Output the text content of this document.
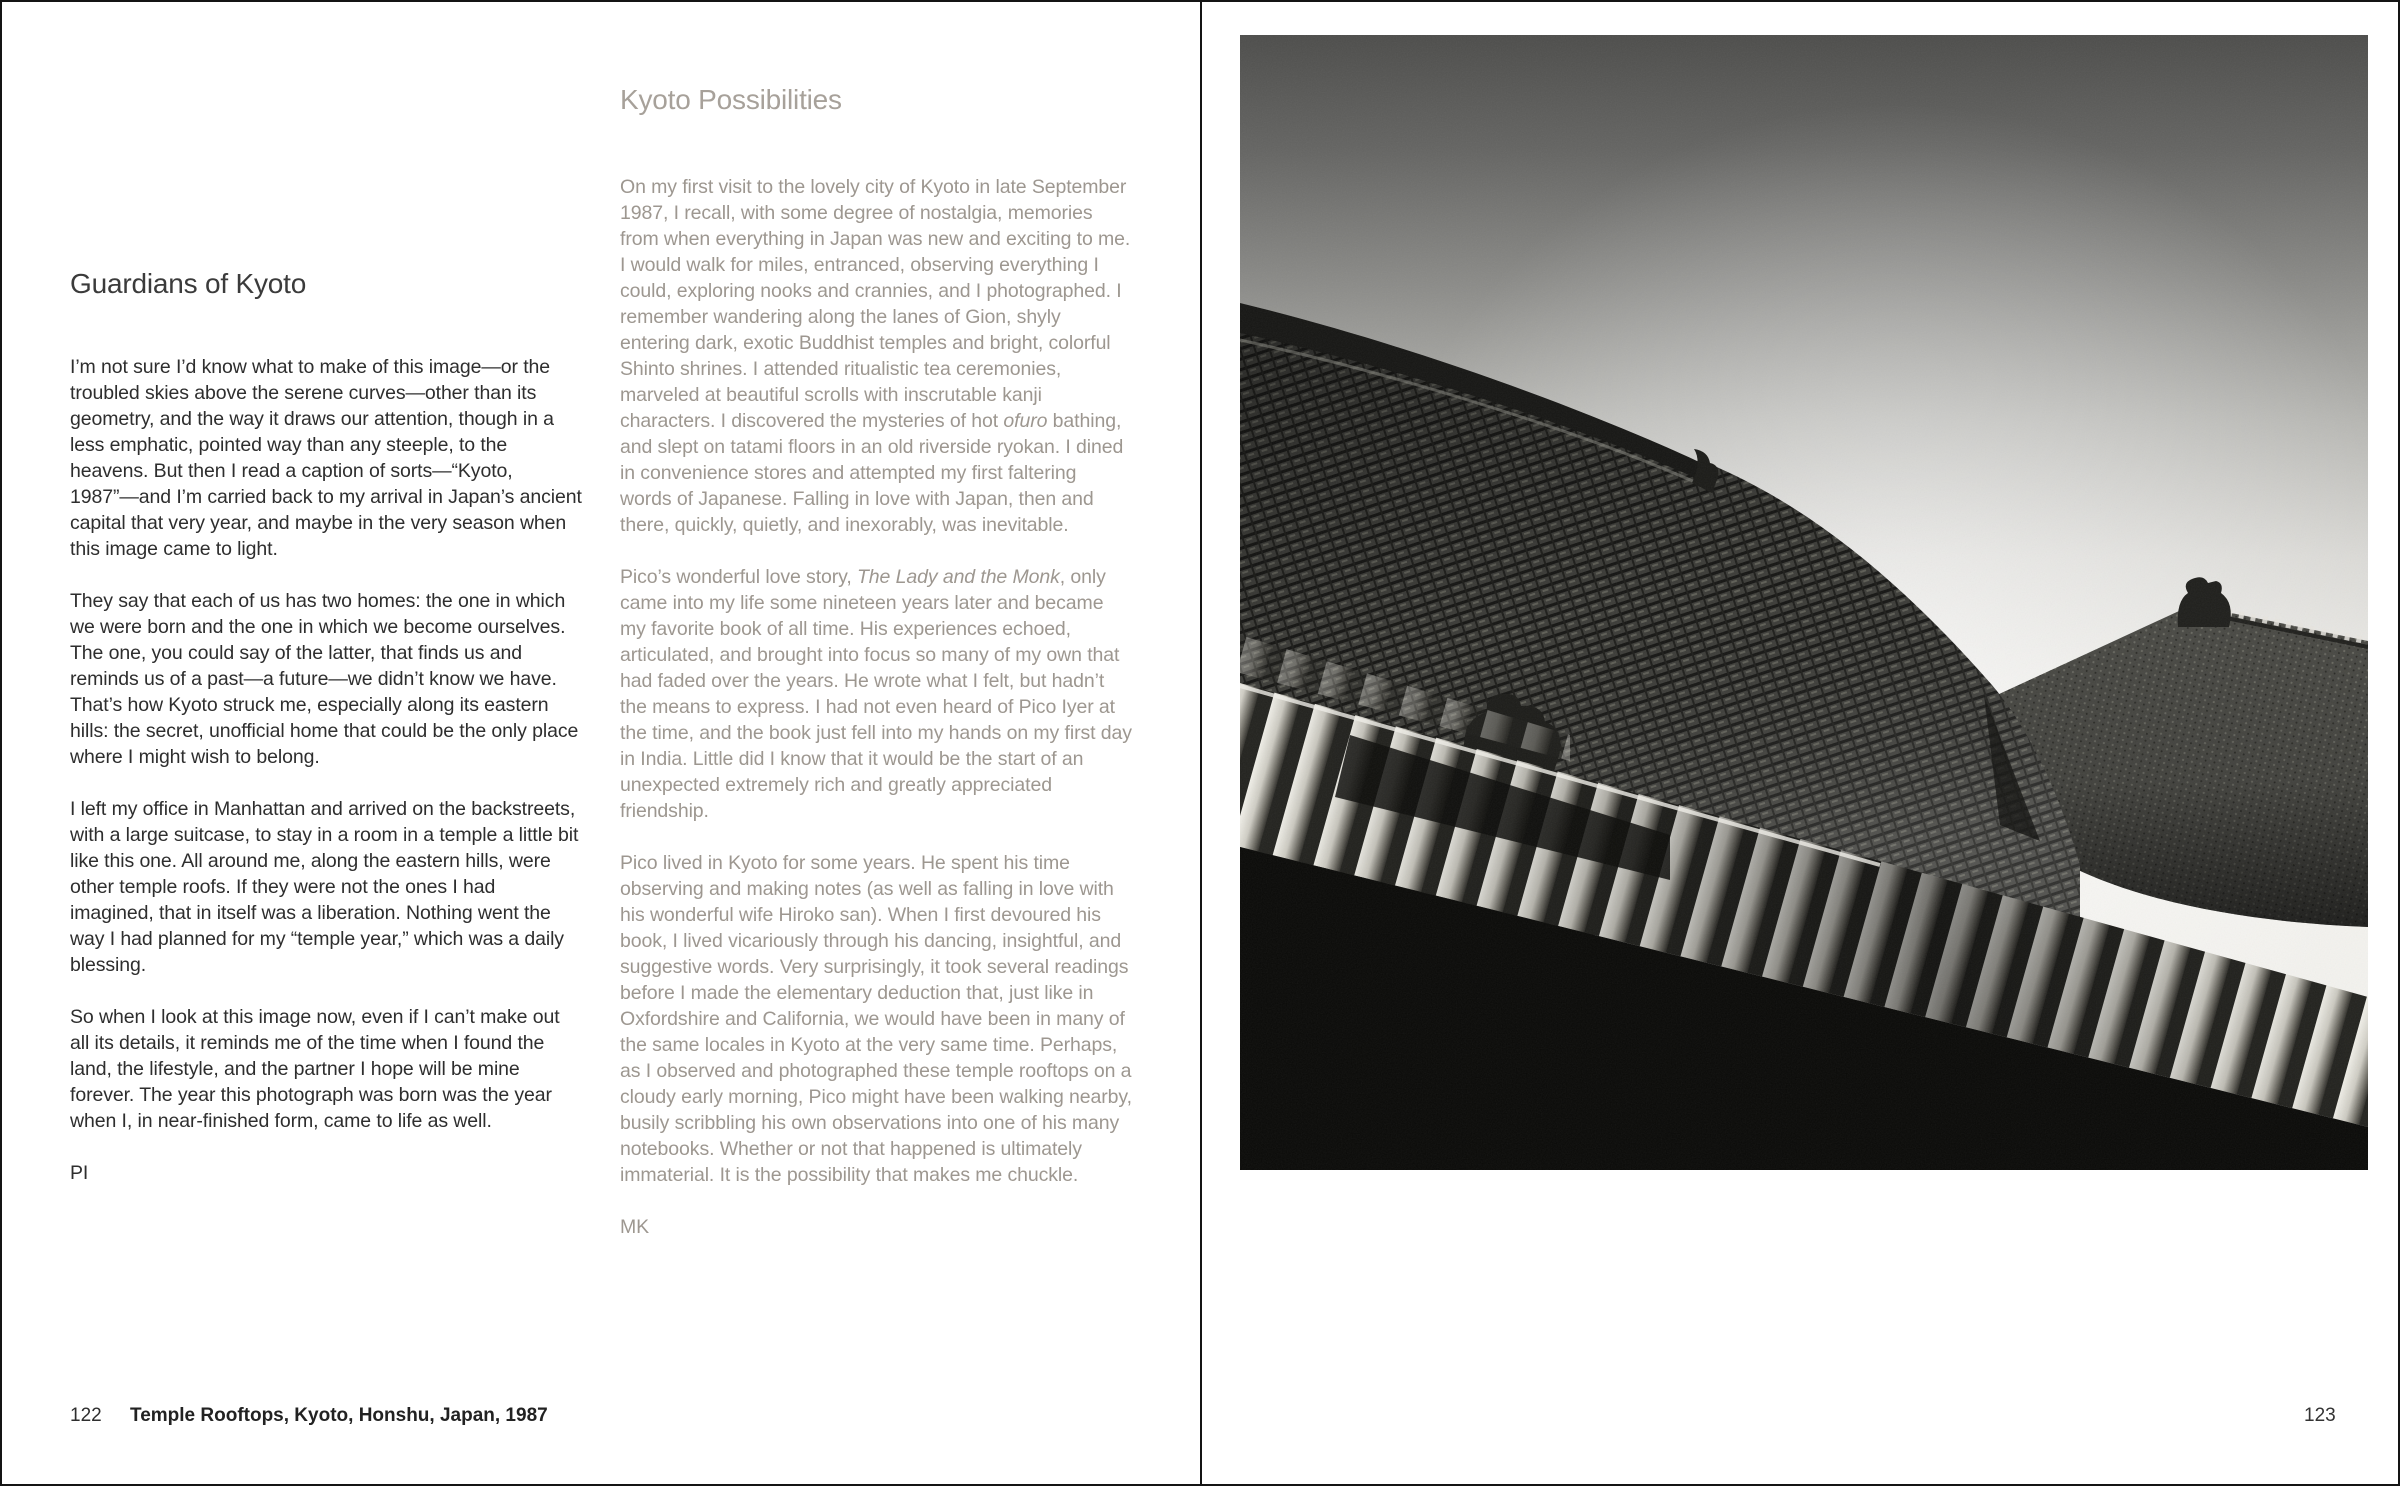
Guardians of Kyoto

I’m not sure I’d know what to make of this image—or the troubled skies above the serene curves—other than its geometry, and the way it draws our attention, though in a less emphatic, pointed way than any steeple, to the heavens. But then I read a caption of sorts—“Kyoto, 1987”—and I’m carried back to my arrival in Japan’s ancient capital that very year, and maybe in the very season when this image came to light.

They say that each of us has two homes: the one in which we were born and the one in which we become ourselves. The one, you could say of the latter, that finds us and reminds us of a past—a future—we didn’t know we have. That’s how Kyoto struck me, especially along its eastern hills: the secret, unofficial home that could be the only place where I might wish to belong.

I left my office in Manhattan and arrived on the backstreets, with a large suitcase, to stay in a room in a temple a little bit like this one. All around me, along the eastern hills, were other temple roofs. If they were not the ones I had imagined, that in itself was a liberation. Nothing went the way I had planned for my “temple year,” which was a daily blessing.

So when I look at this image now, even if I can’t make out all its details, it reminds me of the time when I found the land, the lifestyle, and the partner I hope will be mine forever. The year this photograph was born was the year when I, in near-finished form, came to life as well.

PI

Kyoto Possibilities

On my first visit to the lovely city of Kyoto in late September 1987, I recall, with some degree of nostalgia, memories from when everything in Japan was new and exciting to me. I would walk for miles, entranced, observing everything I could, exploring nooks and crannies, and I photographed. I remember wandering along the lanes of Gion, shyly entering dark, exotic Buddhist temples and bright, colorful Shinto shrines. I attended ritualistic tea ceremonies, marveled at beautiful scrolls with inscrutable kanji characters. I discovered the mysteries of hot ofuro bathing, and slept on tatami floors in an old riverside ryokan. I dined in convenience stores and attempted my first faltering words of Japanese. Falling in love with Japan, then and there, quickly, quietly, and inexorably, was inevitable.

Pico’s wonderful love story, The Lady and the Monk, only came into my life some nineteen years later and became my favorite book of all time. His experiences echoed, articulated, and brought into focus so many of my own that had faded over the years. He wrote what I felt, but hadn’t the means to express. I had not even heard of Pico Iyer at the time, and the book just fell into my hands on my first day in India. Little did I know that it would be the start of an unexpected extremely rich and greatly appreciated friendship.

Pico lived in Kyoto for some years. He spent his time observing and making notes (as well as falling in love with his wonderful wife Hiroko san). When I first devoured his book, I lived vicariously through his dancing, insightful, and suggestive words. Very surprisingly, it took several readings before I made the elementary deduction that, just like in Oxfordshire and California, we would have been in many of the same locales in Kyoto at the very same time. Perhaps, as I observed and photographed these temple rooftops on a cloudy early morning, Pico might have been walking nearby, busily scribbling his own observations into one of his many notebooks. Whether or not that happened is ultimately immaterial. It is the possibility that makes me chuckle.

MK

122 Temple Rooftops, Kyoto, Honshu, Japan, 1987	123
